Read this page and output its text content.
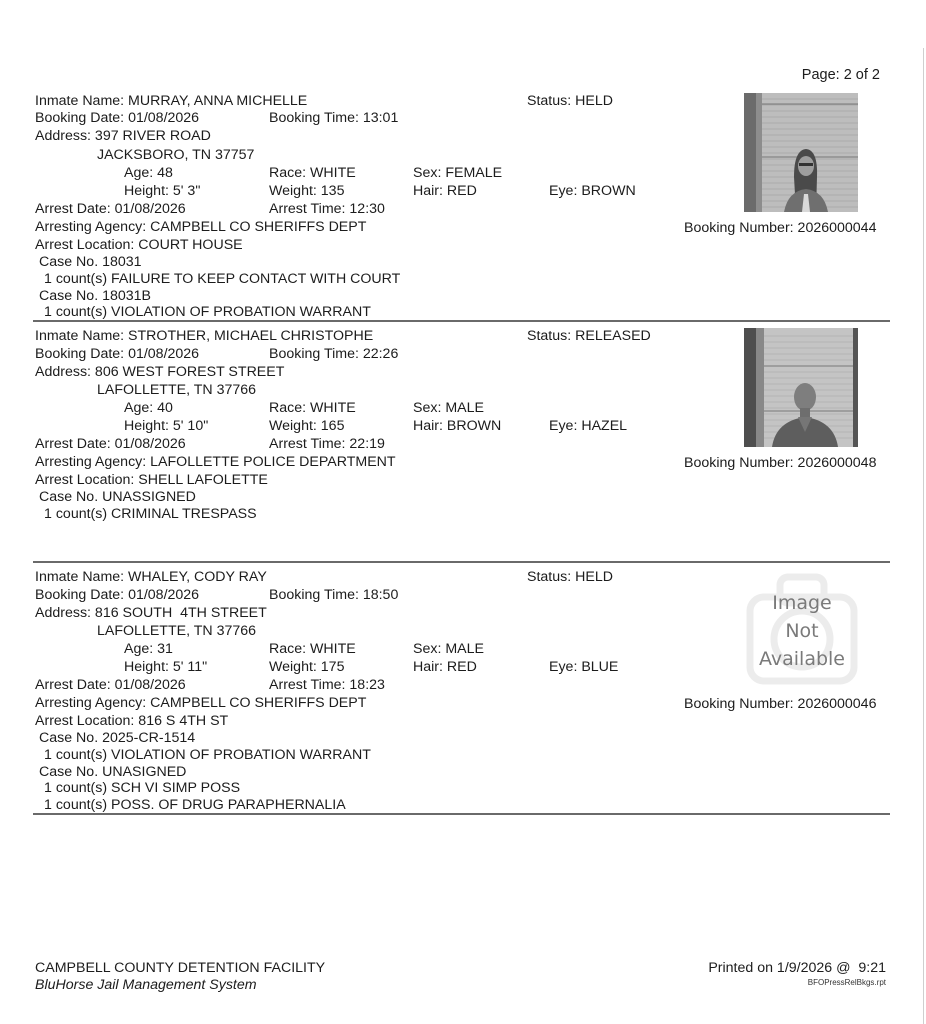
Page: 2 of 2
Inmate Name: MURRAY, ANNA MICHELLE	Status: HELD
Booking Date: 01/08/2026	Booking Time: 13:01
Address: 397 RIVER ROAD
JACKSBORO, TN 37757
Age: 48	Race: WHITE	Sex: FEMALE
Height: 5' 3"	Weight: 135	Hair: RED	Eye: BROWN
Arrest Date: 01/08/2026	Arrest Time: 12:30
Arresting Agency: CAMPBELL CO SHERIFFS DEPT
Arrest Location: COURT HOUSE
Case No. 18031
1 count(s) FAILURE TO KEEP CONTACT WITH COURT
Case No. 18031B
1 count(s) VIOLATION OF PROBATION WARRANT
Booking Number: 2026000044
Inmate Name: STROTHER, MICHAEL CHRISTOPHE	Status: RELEASED
Booking Date: 01/08/2026	Booking Time: 22:26
Address: 806 WEST FOREST STREET
LAFOLLETTE, TN 37766
Age: 40	Race: WHITE	Sex: MALE
Height: 5' 10"	Weight: 165	Hair: BROWN	Eye: HAZEL
Arrest Date: 01/08/2026	Arrest Time: 22:19
Arresting Agency: LAFOLLETTE POLICE DEPARTMENT
Arrest Location: SHELL LAFOLETTE
Case No. UNASSIGNED
1 count(s) CRIMINAL TRESPASS
Booking Number: 2026000048
Inmate Name: WHALEY, CODY RAY	Status: HELD
Booking Date: 01/08/2026	Booking Time: 18:50
Address: 816 SOUTH  4TH STREET
LAFOLLETTE, TN 37766
Age: 31	Race: WHITE	Sex: MALE
Height: 5' 11"	Weight: 175	Hair: RED	Eye: BLUE
Arrest Date: 01/08/2026	Arrest Time: 18:23
Arresting Agency: CAMPBELL CO SHERIFFS DEPT
Arrest Location: 816 S 4TH ST
Case No. 2025-CR-1514
1 count(s) VIOLATION OF PROBATION WARRANT
Case No. UNASIGNED
1 count(s) SCH VI SIMP POSS
1 count(s) POSS. OF DRUG PARAPHERNALIA
Image
Not
Available
Booking Number: 2026000046
CAMPBELL COUNTY DETENTION FACILITY
BluHorse Jail Management System
Printed on 1/9/2026 @  9:21
BFOPressRelBkgs.rpt
